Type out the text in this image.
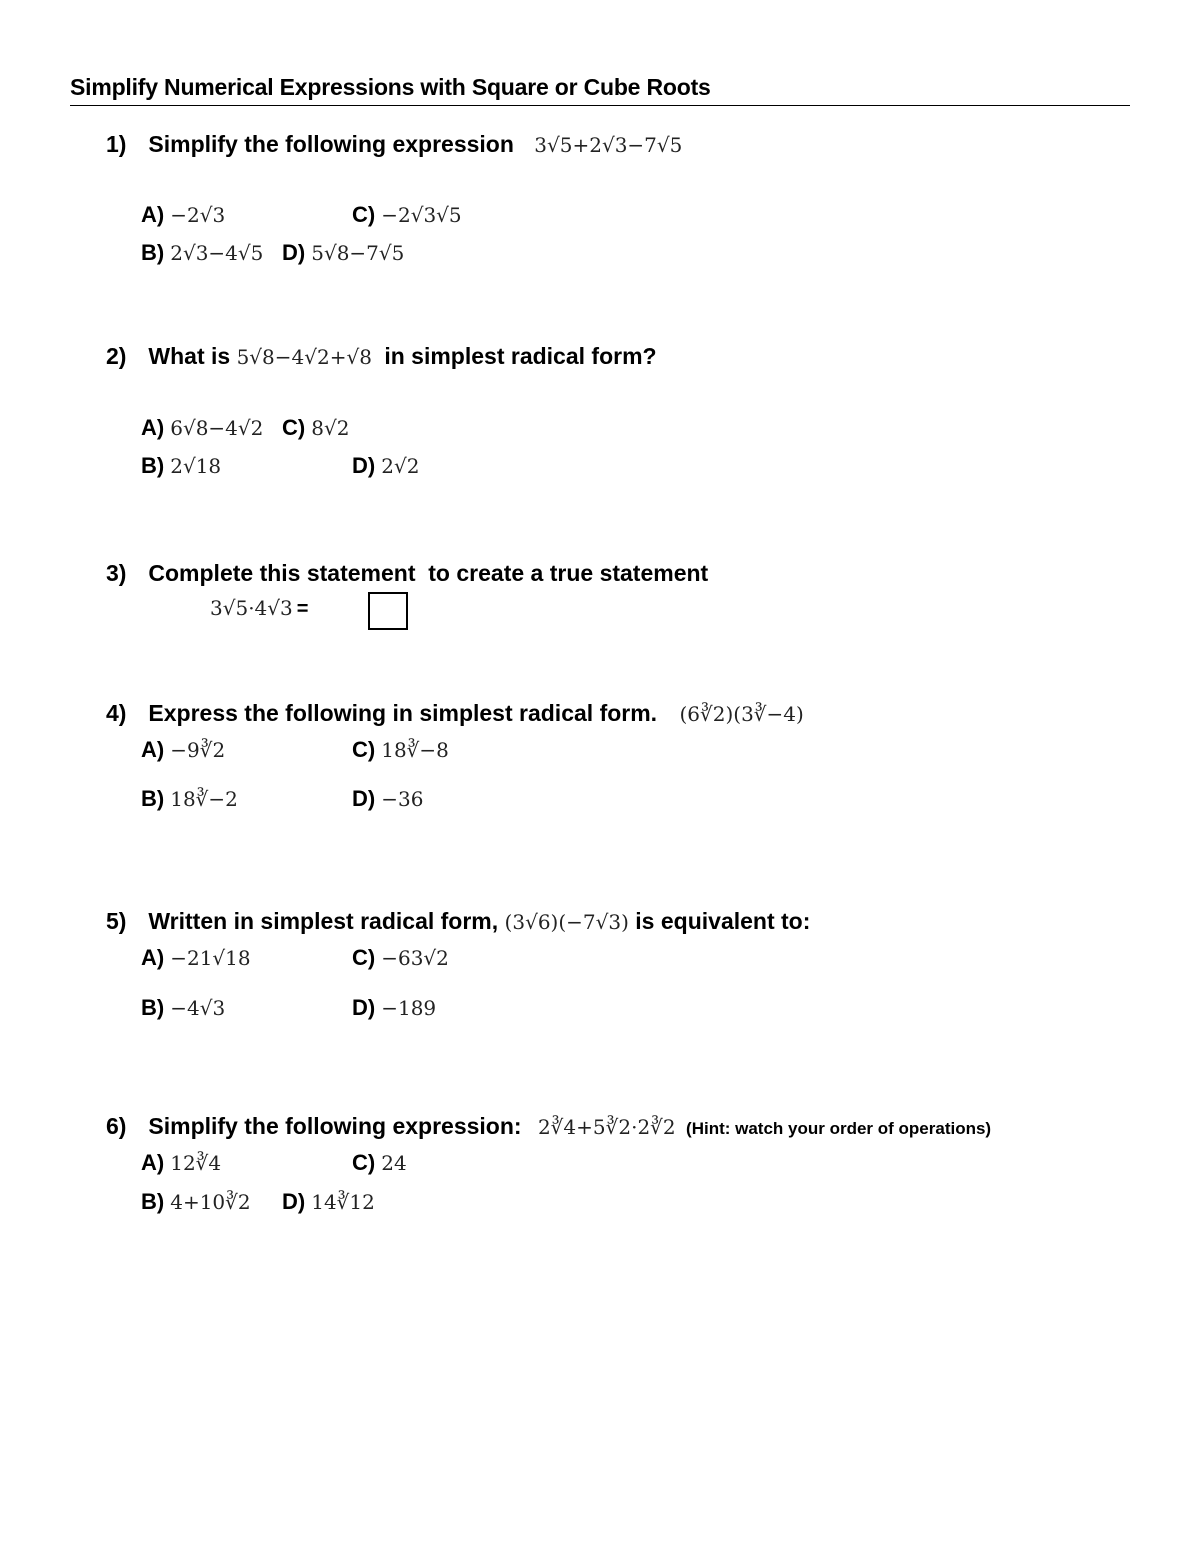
Simplify Numerical Expressions with Square or Cube Roots
1) Simplify the following expression 3√5+2√3−7√5
A) −2√3	C) −2√3√5
B) 2√3−4√5 D) 5√8−7√5
2) What is 5√8−4√2+√8 in simplest radical form?
A) 6√8−4√2 C) 8√2
B) 2√18	D) 2√2
3) Complete this statement  to create a true statement
3√5·4√3 =
4) Express the following in simplest radical form. (6∛2)(3∛−4)
A) −9∛2	C) 18∛−8
B) 18∛−2	D) −36
5) Written in simplest radical form, (3√6)(−7√3) is equivalent to:
A) −21√18	C) −63√2
B) −4√3	D) −189
6) Simplify the following expression: 2∛4+5∛2·2∛2 (Hint: watch your order of operations)
A) 12∛4	C) 24
B) 4+10∛2 D) 14∛12
